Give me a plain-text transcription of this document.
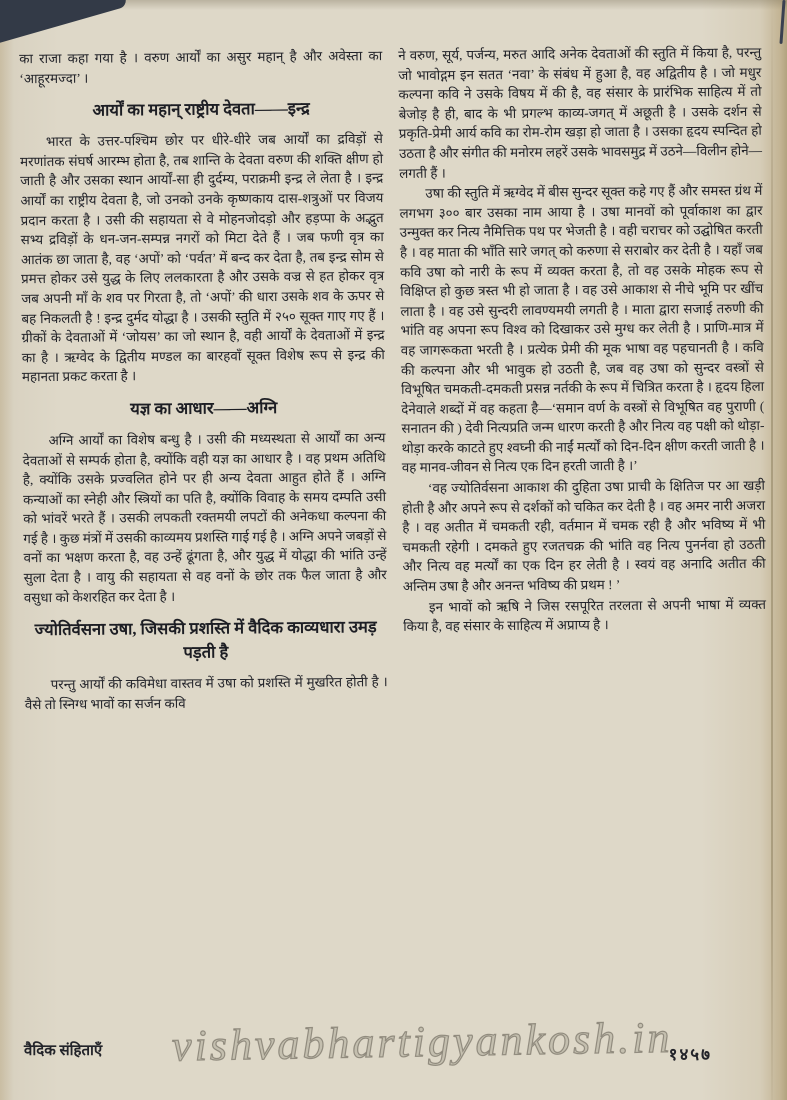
का राजा कहा गया है । वरुण आर्यों का असुर महान् है और अवेस्ता का ‘आहूरमज्दा’ ।

आर्यों का महान् राष्ट्रीय देवता——इन्द्र

भारत के उत्तर-पश्चिम छोर पर धीरे-धीरे जब आर्यों का द्रविड़ों से मरणांतक संघर्ष आरम्भ होता है, तब शान्ति के देवता वरुण की शक्ति क्षीण हो जाती है और उसका स्थान आर्यों-सा ही दुर्दम्य, पराक्रमी इन्द्र ले लेता है । इन्द्र आर्यों का राष्ट्रीय देवता है, जो उनको उनके कृष्णकाय दास-शत्रुओं पर विजय प्रदान करता है । उसी की सहायता से वे मोहनजोदड़ो और हड़प्पा के अद्भुत सभ्य द्रविड़ों के धन-जन-सम्पन्न नगरों को मिटा देते हैं । जब फणी वृत्र का आतंक छा जाता है, वह ‘अपों’ को ‘पर्वत’ में बन्द कर देता है, तब इन्द्र सोम से प्रमत्त होकर उसे युद्ध के लिए ललकारता है और उसके वज्र से हत होकर वृत्र जब अपनी माँ के शव पर गिरता है, तो ‘अपों’ की धारा उसके शव के ऊपर से बह निकलती है ! इन्द्र दुर्मद योद्धा है । उसकी स्तुति में २५० सूक्त गाए गए हैं । ग्रीकों के देवताओं में ‘जोयस’ का जो स्थान है, वही आर्यों के देवताओं में इन्द्र का है । ऋग्वेद के द्वितीय मण्डल का बारहवाँ सूक्त विशेष रूप से इन्द्र की महानता प्रकट करता है ।

यज्ञ का आधार——अग्नि

अग्नि आर्यों का विशेष बन्धु है । उसी की मध्यस्थता से आर्यों का अन्य देवताओं से सम्पर्क होता है, क्योंकि वही यज्ञ का आधार है । वह प्रथम अतिथि है, क्योंकि उसके प्रज्वलित होने पर ही अन्य देवता आहुत होते हैं । अग्नि कन्याओं का स्नेही और स्त्रियों का पति है, क्योंकि विवाह के समय दम्पति उसी को भांवरें भरते हैं । उसकी लपकती रक्तमयी लपटों की अनेकधा कल्पना की गई है । कुछ मंत्रों में उसकी काव्यमय प्रशस्ति गाई गई है । अग्नि अपने जबड़ों से वनों का भक्षण करता है, वह उन्हें ढूंगता है, और युद्ध में योद्धा की भांति उन्हें सुला देता है । वायु की सहायता से वह वनों के छोर तक फैल जाता है और वसुधा को केशरहित कर देता है ।

ज्योतिर्वसना उषा, जिसकी प्रशस्ति में वैदिक काव्यधारा उमड़ पड़ती है

परन्तु आर्यों की कविमेधा वास्तव में उषा को प्रशस्ति में मुखरित होती है । वैसे तो स्निग्ध भावों का सर्जन कवि

ने वरुण, सूर्य, पर्जन्य, मरुत आदि अनेक देवताओं की स्तुति में किया है, परन्तु जो भावोद्गम इन सतत ‘नवा’ के संबंध में हुआ है, वह अद्वितीय है । जो मधुर कल्पना कवि ने उसके विषय में की है, वह संसार के प्रारंभिक साहित्य में तो बेजोड़ है ही, बाद के भी प्रगल्भ काव्य-जगत् में अछूती है । उसके दर्शन से प्रकृति-प्रेमी आर्य कवि का रोम-रोम खड़ा हो जाता है । उसका हृदय स्पन्दित हो उठता है और संगीत की मनोरम लहरें उसके भावसमुद्र में उठने—विलीन होने—लगती हैं ।

उषा की स्तुति में ऋग्वेद में बीस सुन्दर सूक्त कहे गए हैं और समस्त ग्रंथ में लगभग ३०० बार उसका नाम आया है । उषा मानवों को पूर्वाकाश का द्वार उन्मुक्त कर नित्य नैमित्तिक पथ पर भेजती है । वही चराचर को उद्घोषित करती है । वह माता की भाँति सारे जगत् को करुणा से सराबोर कर देती है । यहाँ जब कवि उषा को नारी के रूप में व्यक्त करता है, तो वह उसके मोहक रूप से विक्षिप्त हो कुछ त्रस्त भी हो जाता है । वह उसे आकाश से नीचे भूमि पर खींच लाता है । वह उसे सुन्दरी लावण्यमयी लगती है । माता द्वारा सजाई तरुणी की भांति वह अपना रूप विश्व को दिखाकर उसे मुग्ध कर लेती है । प्राणि-मात्र में वह जागरूकता भरती है । प्रत्येक प्रेमी की मूक भाषा वह पहचानती है । कवि की कल्पना और भी भावुक हो उठती है, जब वह उषा को सुन्दर वस्त्रों से विभूषित चमकती-दमकती प्रसन्न नर्तकी के रूप में चित्रित करता है । हृदय हिला देनेवाले शब्दों में वह कहता है—‘समान वर्ण के वस्त्रों से विभूषित वह पुराणी ( सनातन की ) देवी नित्यप्रति जन्म धारण करती है और नित्य वह पक्षी को थोड़ा-थोड़ा करके काटते हुए श्वघ्नी की नाईं मर्त्यों को दिन-दिन क्षीण करती जाती है । वह मानव-जीवन से नित्य एक दिन हरती जाती है ।’

‘वह ज्योतिर्वसना आकाश की दुहिता उषा प्राची के क्षितिज पर आ खड़ी होती है और अपने रूप से दर्शकों को चकित कर देती है । वह अमर नारी अजरा है । वह अतीत में चमकती रही, वर्तमान में चमक रही है और भविष्य में भी चमकती रहेगी । दमकते हुए रजतचक्र की भांति वह नित्य पुनर्नवा हो उठती और नित्य वह मर्त्यों का एक दिन हर लेती है । स्वयं वह अनादि अतीत की अन्तिम उषा है और अनन्त भविष्य की प्रथम ! ’

इन भावों को ऋषि ने जिस रसपूरित तरलता से अपनी भाषा में व्यक्त किया है, वह संसार के साहित्य में अप्राप्य है ।

vishvabhartigyankosh.in
वैदिक संहिताएँ	१४५७
